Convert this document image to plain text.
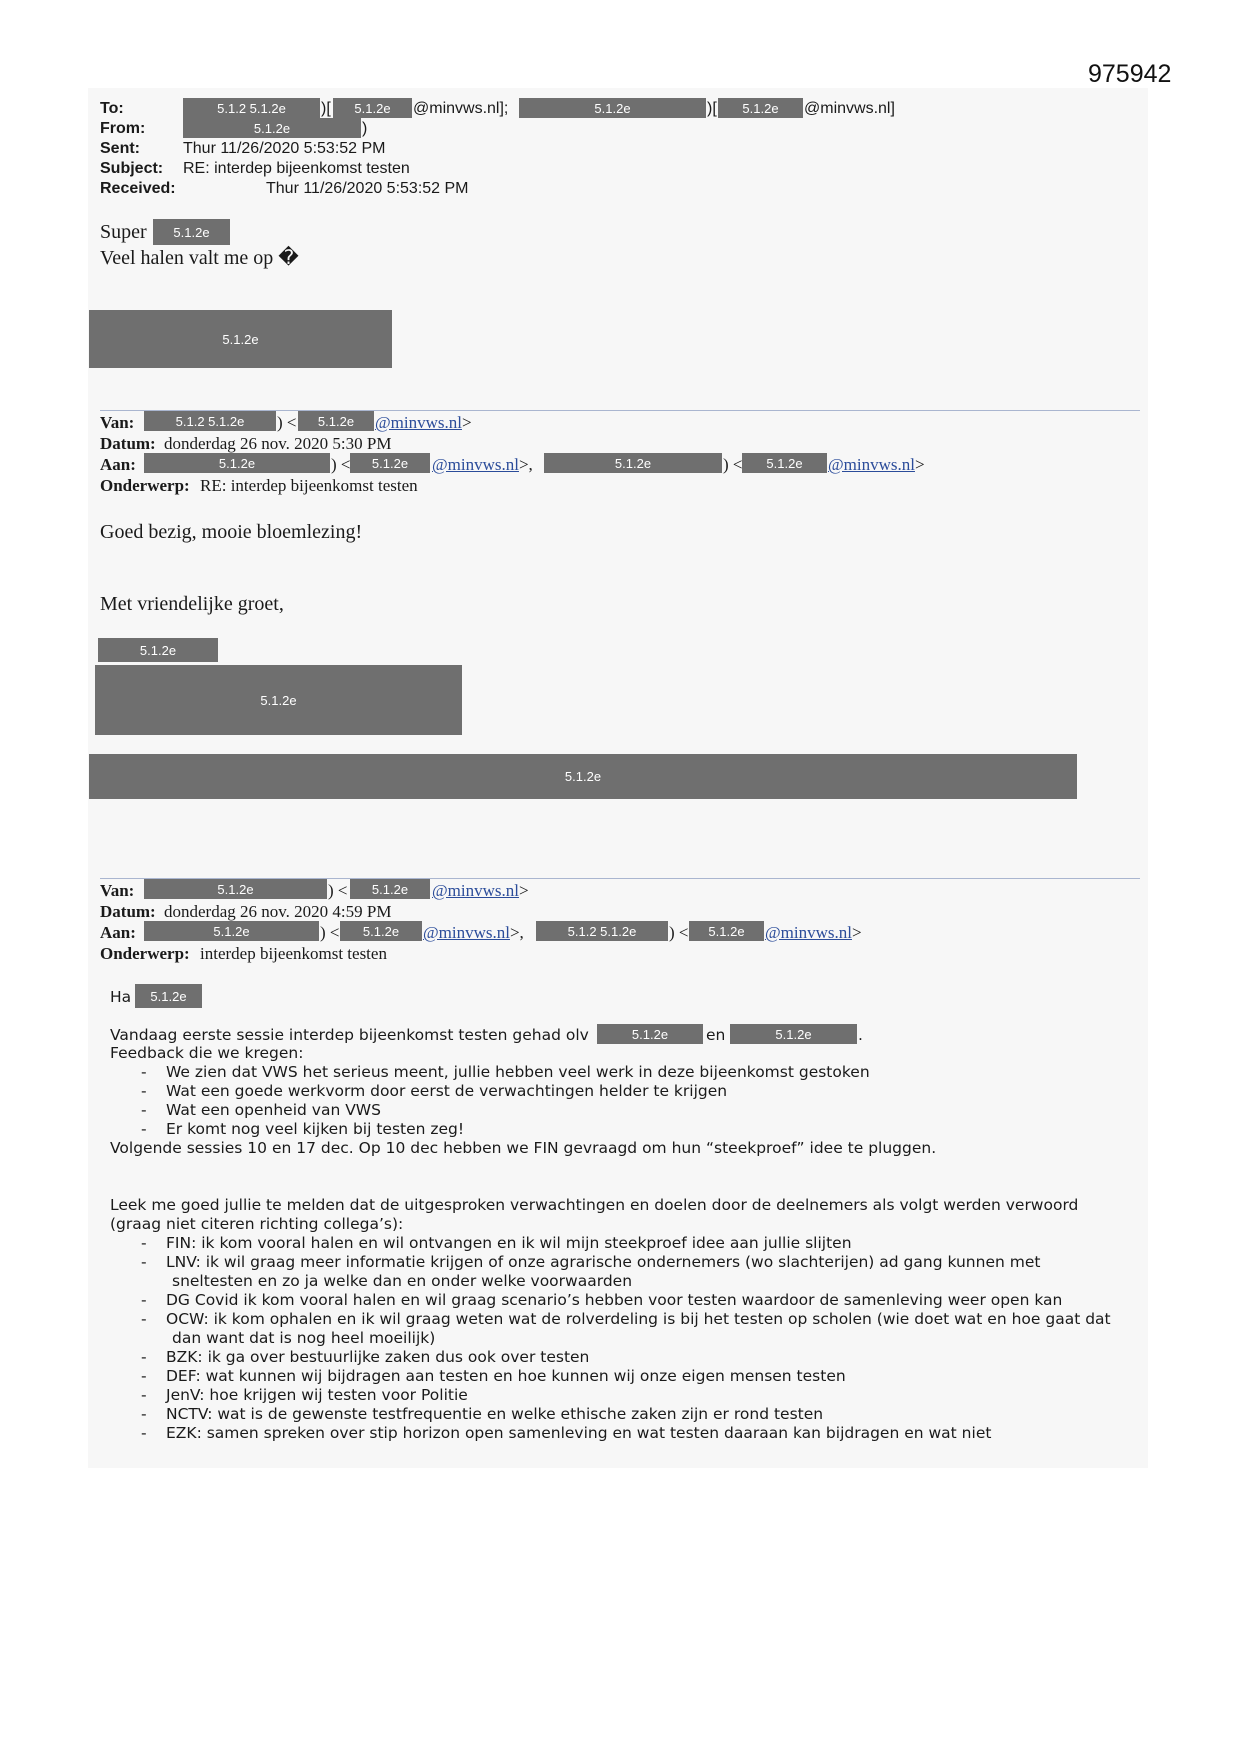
975942
To:	5.1.2 5.1.2e	)[	5.1.2e	@minvws.nl];	5.1.2e	)[	5.1.2e	@minvws.nl]
From:	5.1.2e	)
Sent:	Thur 11/26/2020 5:53:52 PM
Subject: RE: interdep bijeenkomst testen
Received:	Thur 11/26/2020 5:53:52 PM
Super	5.1.2e
Veel halen valt me op �
5.1.2e
Van:	5.1.2 5.1.2e	) <	5.1.2e	@minvws.nl>
Datum: donderdag 26 nov. 2020 5:30 PM
Aan:	5.1.2e	) <	5.1.2e	@minvws.nl>,	5.1.2e	) <	5.1.2e	@minvws.nl>
Onderwerp: RE: interdep bijeenkomst testen
Goed bezig, mooie bloemlezing!
Met vriendelijke groet,
5.1.2e
5.1.2e
5.1.2e
Van:	5.1.2e	) <	5.1.2e	@minvws.nl>
Datum: donderdag 26 nov. 2020 4:59 PM
Aan:	5.1.2e	) <	5.1.2e	@minvws.nl>,	5.1.2 5.1.2e	) <	5.1.2e	@minvws.nl>
Onderwerp: interdep bijeenkomst testen
Ha	5.1.2e
Vandaag eerste sessie interdep bijeenkomst testen gehad olv	5.1.2e	en	5.1.2e	.
Feedback die we kregen:
- We zien dat VWS het serieus meent, jullie hebben veel werk in deze bijeenkomst gestoken
- Wat een goede werkvorm door eerst de verwachtingen helder te krijgen
- Wat een openheid van VWS
- Er komt nog veel kijken bij testen zeg!
Volgende sessies 10 en 17 dec. Op 10 dec hebben we FIN gevraagd om hun “steekproef” idee te pluggen.
Leek me goed jullie te melden dat de uitgesproken verwachtingen en doelen door de deelnemers als volgt werden verwoord
(graag niet citeren richting collega’s):
- FIN: ik kom vooral halen en wil ontvangen en ik wil mijn steekproef idee aan jullie slijten
- LNV: ik wil graag meer informatie krijgen of onze agrarische ondernemers (wo slachterijen) ad gang kunnen met
sneltesten en zo ja welke dan en onder welke voorwaarden
- DG Covid ik kom vooral halen en wil graag scenario’s hebben voor testen waardoor de samenleving weer open kan
- OCW: ik kom ophalen en ik wil graag weten wat de rolverdeling is bij het testen op scholen (wie doet wat en hoe gaat dat
dan want dat is nog heel moeilijk)
- BZK: ik ga over bestuurlijke zaken dus ook over testen
- DEF: wat kunnen wij bijdragen aan testen en hoe kunnen wij onze eigen mensen testen
- JenV: hoe krijgen wij testen voor Politie
- NCTV: wat is de gewenste testfrequentie en welke ethische zaken zijn er rond testen
- EZK: samen spreken over stip horizon open samenleving en wat testen daaraan kan bijdragen en wat niet
